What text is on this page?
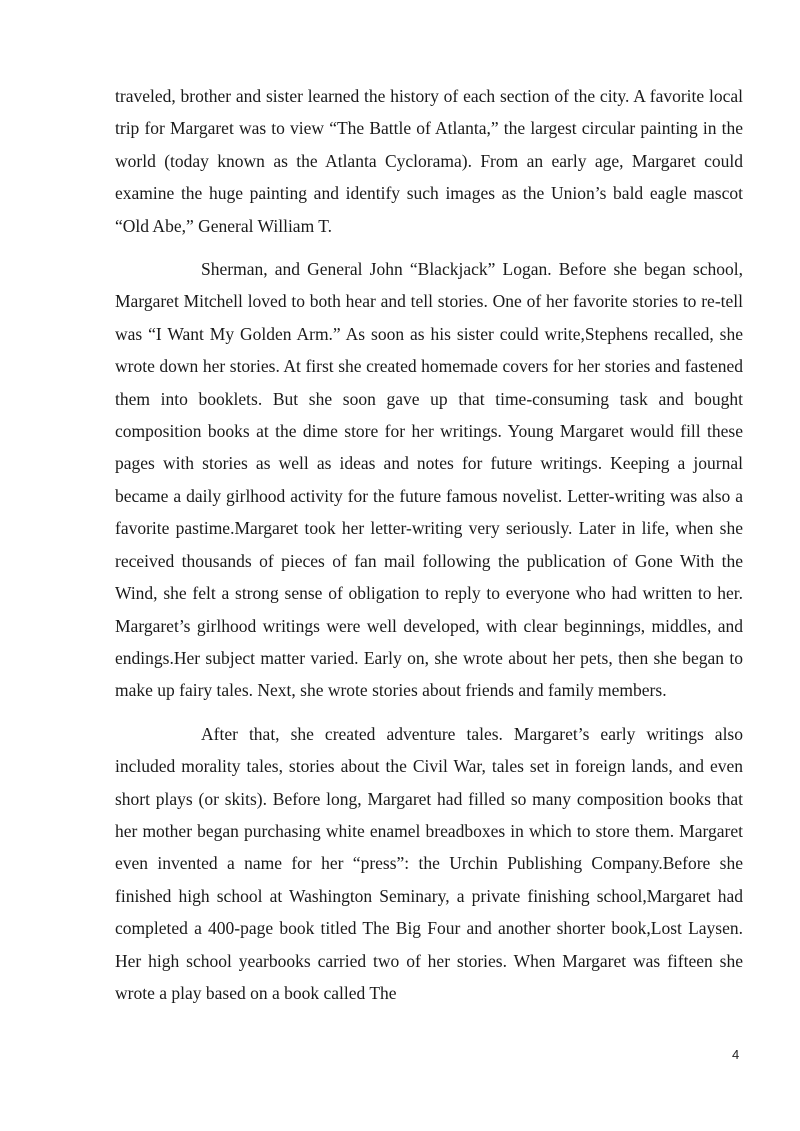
traveled, brother and sister learned the history of each section of the city. A favorite local trip for Margaret was to view “The Battle of Atlanta,” the largest circular painting in the world (today known as the Atlanta Cyclorama). From an early age, Margaret could examine the huge painting and identify such images as the Union’s bald eagle mascot “Old Abe,” General William T.

Sherman, and General John “Blackjack” Logan. Before she began school, Margaret Mitchell loved to both hear and tell stories. One of her favorite stories to re-tell was “I Want My Golden Arm.” As soon as his sister could write,Stephens recalled, she wrote down her stories. At first she created homemade covers for her stories and fastened them into booklets. But she soon gave up that time-consuming task and bought composition books at the dime store for her writings. Young Margaret would fill these pages with stories as well as ideas and notes for future writings. Keeping a journal became a daily girlhood activity for the future famous novelist. Letter-writing was also a favorite pastime.Margaret took her letter-writing very seriously. Later in life, when she received thousands of pieces of fan mail following the publication of Gone With the Wind, she felt a strong sense of obligation to reply to everyone who had written to her. Margaret’s girlhood writings were well developed, with clear beginnings, middles, and endings.Her subject matter varied. Early on, she wrote about her pets, then she began to make up fairy tales. Next, she wrote stories about friends and family members.

After that, she created adventure tales. Margaret’s early writings also included morality tales, stories about the Civil War, tales set in foreign lands, and even short plays (or skits). Before long, Margaret had filled so many composition books that her mother began purchasing white enamel breadboxes in which to store them. Margaret even invented a name for her “press”: the Urchin Publishing Company.Before she finished high school at Washington Seminary, a private finishing school,Margaret had completed a 400-page book titled The Big Four and another shorter book,Lost Laysen. Her high school yearbooks carried two of her stories. When Margaret was fifteen she wrote a play based on a book called The

4
